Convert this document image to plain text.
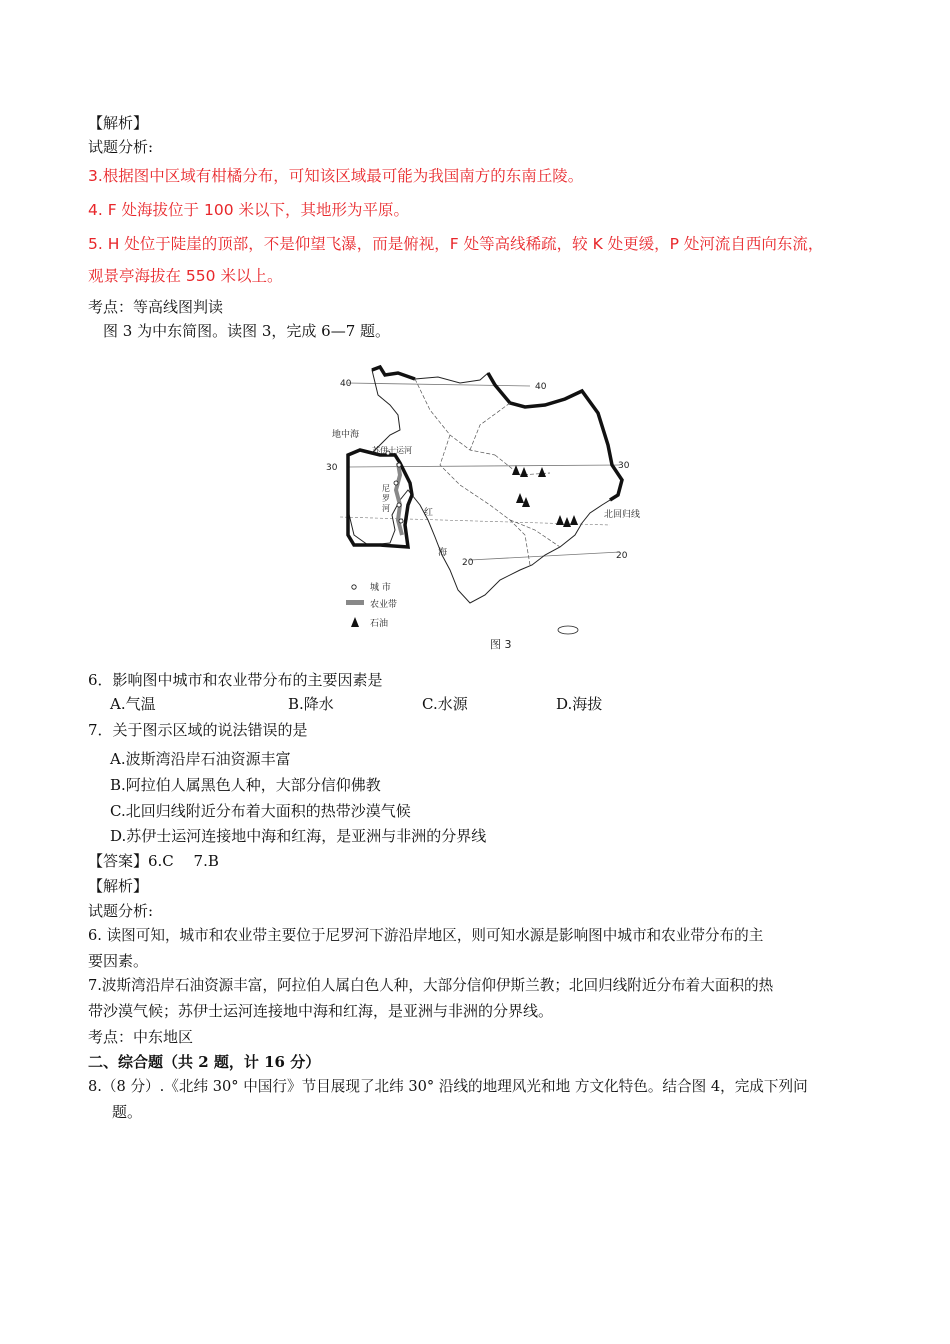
【解析】
试题分析:
3.根据图中区域有柑橘分布，可知该区域最可能为我国南方的东南丘陵。
4. F 处海拔位于 100 米以下，其地形为平原。
5. H 处位于陡崖的顶部，不是仰望飞瀑，而是俯视，F 处等高线稀疏，较 K 处更缓，P 处河流自西向东流，
观景亭海拔在 550 米以上。
考点：等高线图判读
图 3 为中东简图。读图 3，完成 6—7 题。
40	40
30	30
20
20
地中海
苏伊士运河
尼
罗
河	红
海
北回归线
城 市
农业带
石油
图 3
6．影响图中城市和农业带分布的主要因素是
A.气温	B.降水	C.水源	D.海拔
7．关于图示区域的说法错误的是
A.波斯湾沿岸石油资源丰富
B.阿拉伯人属黑色人种，大部分信仰佛教
C.北回归线附近分布着大面积的热带沙漠气候
D.苏伊士运河连接地中海和红海，是亚洲与非洲的分界线
【答案】6.C　 7.B
【解析】
试题分析:
6. 读图可知，城市和农业带主要位于尼罗河下游沿岸地区，则可知水源是影响图中城市和农业带分布的主
要因素。
7.波斯湾沿岸石油资源丰富，阿拉伯人属白色人种，大部分信仰伊斯兰教；北回归线附近分布着大面积的热
带沙漠气候；苏伊士运河连接地中海和红海，是亚洲与非洲的分界线。
考点：中东地区
二、综合题（共 2 题，计 16 分）
8.（8 分）.《北纬 30° 中国行》节目展现了北纬 30° 沿线的地理风光和地 方文化特色。结合图 4，完成下列问
题。
